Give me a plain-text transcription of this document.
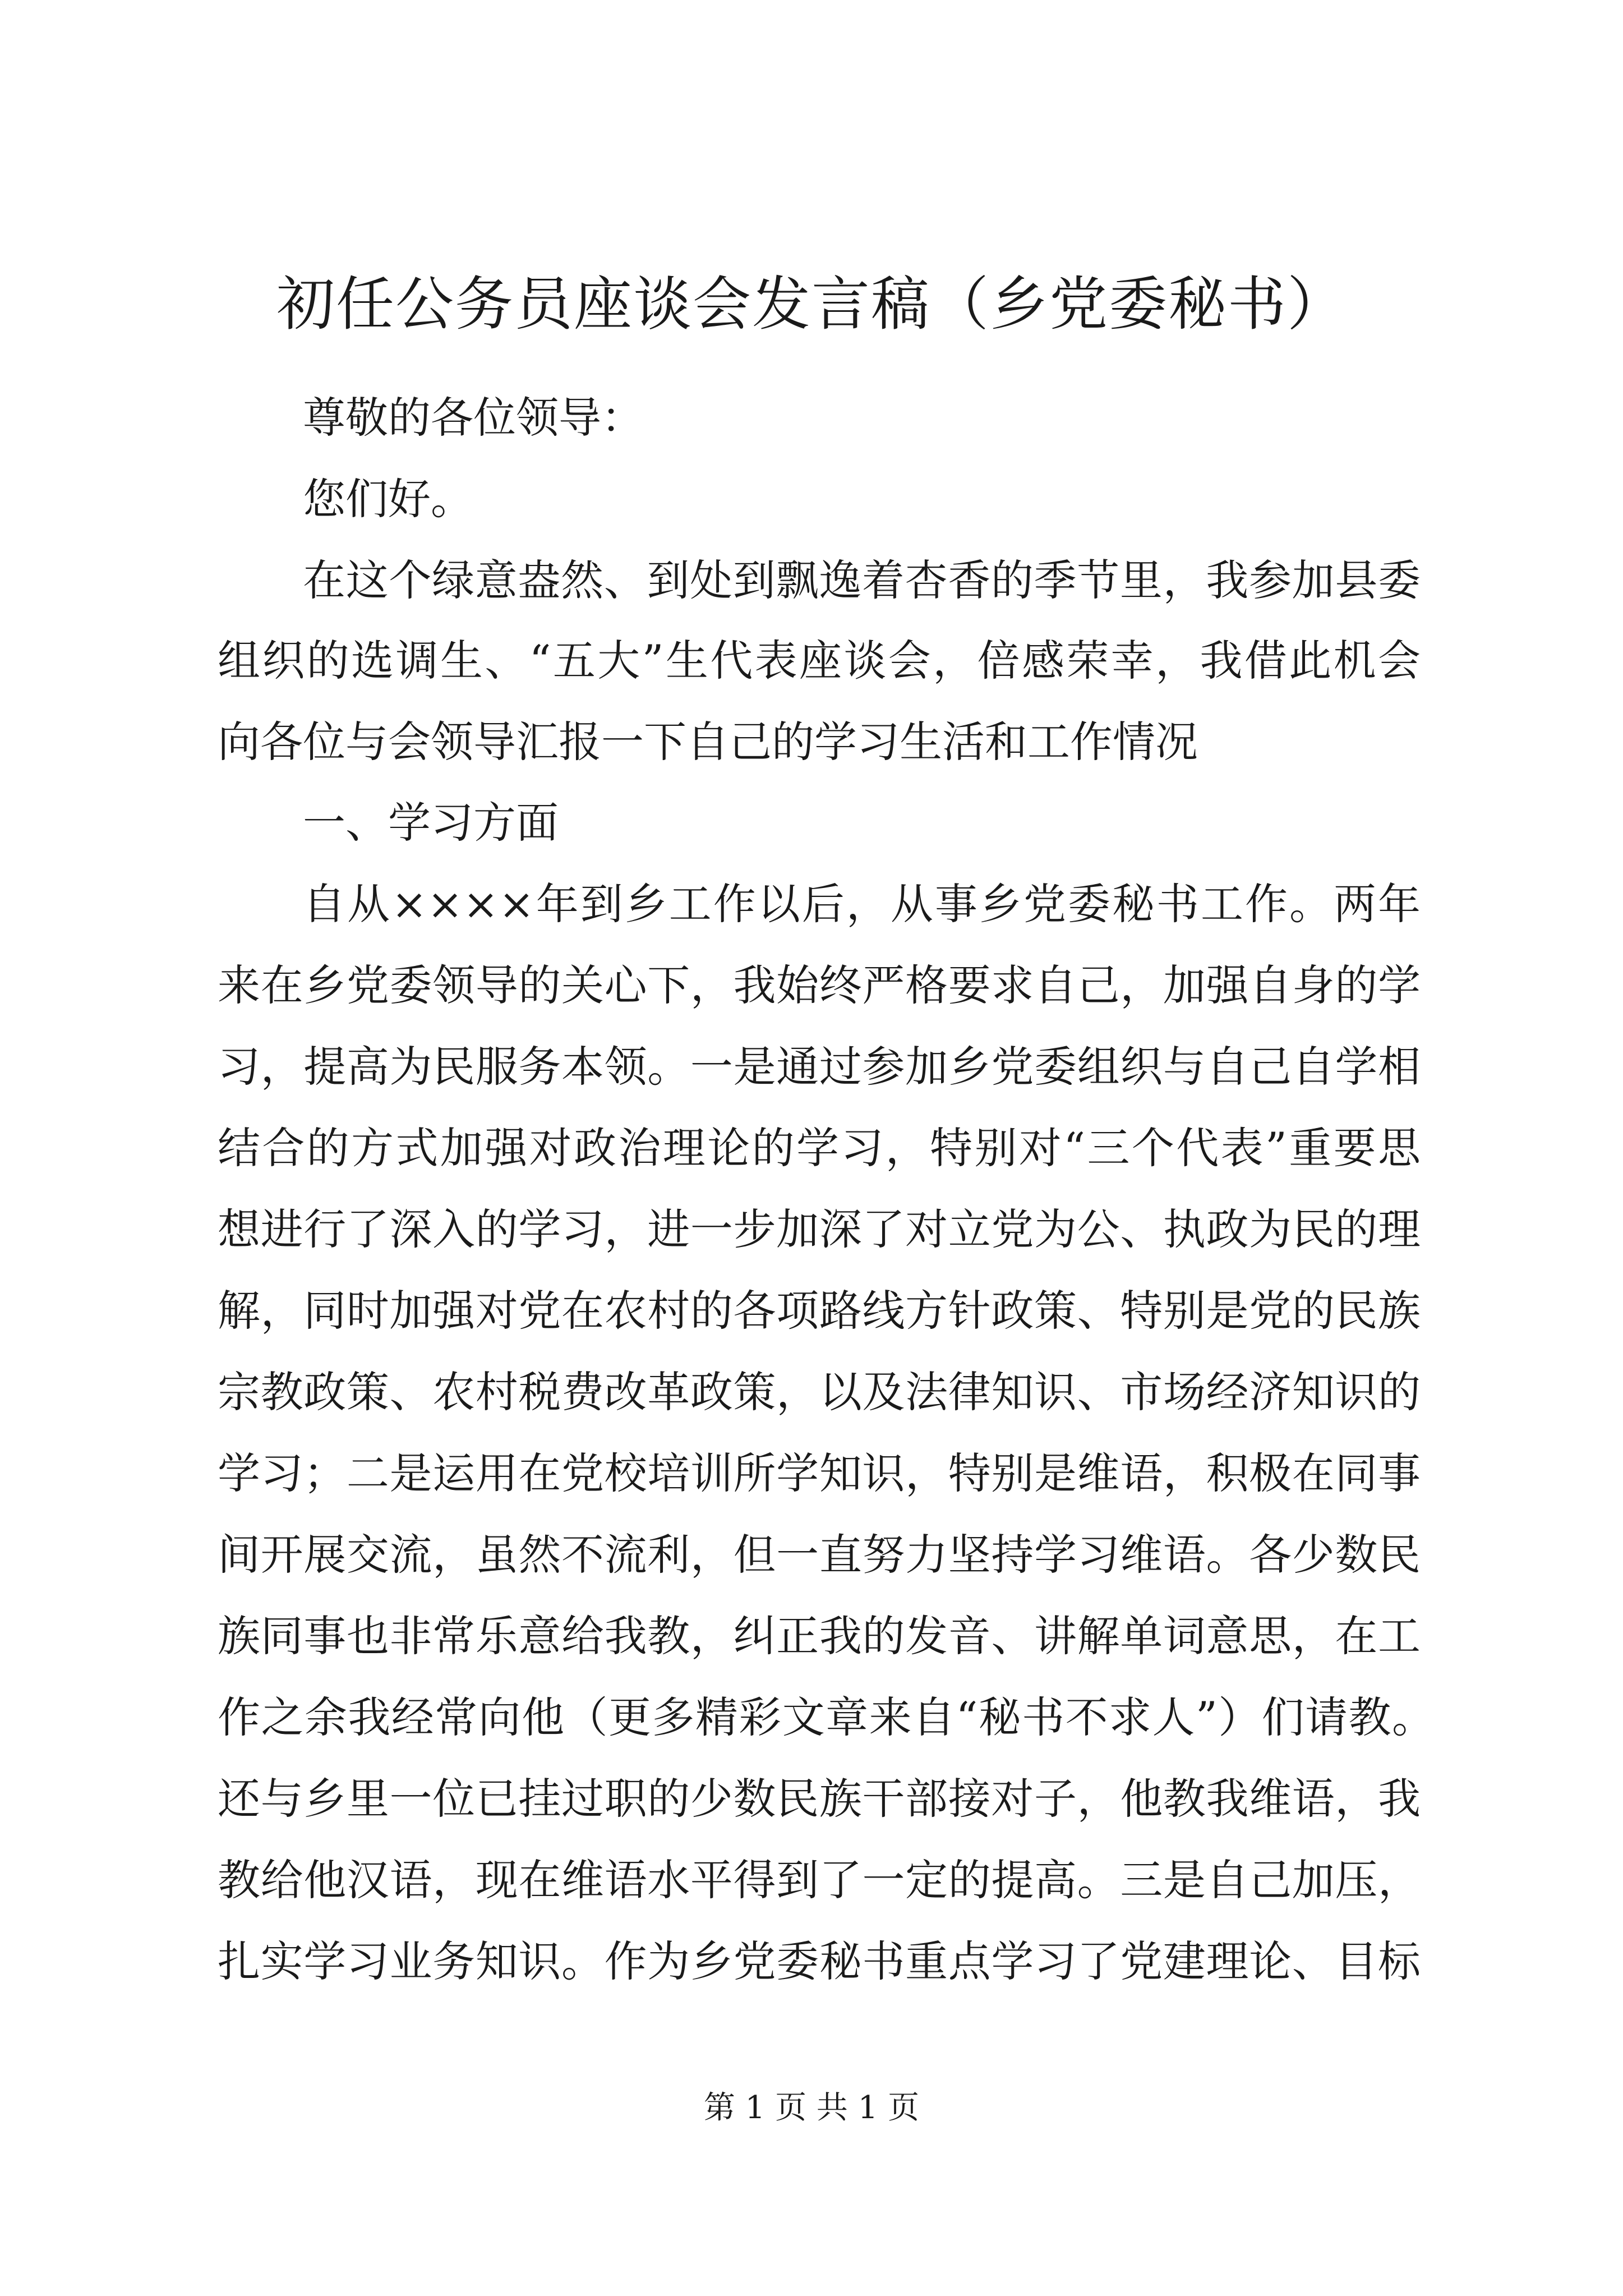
初任公务员座谈会发言稿（乡党委秘书）
尊敬的各位领导：
您们好。
在这个绿意盎然、到处到飘逸着杏香的季节里，我参加县委
组织的选调生、“五大”生代表座谈会，倍感荣幸，我借此机会
向各位与会领导汇报一下自己的学习生活和工作情况
一、学习方面
自从××××年到乡工作以后，从事乡党委秘书工作。两年
来在乡党委领导的关心下，我始终严格要求自己，加强自身的学
习，提高为民服务本领。一是通过参加乡党委组织与自己自学相
结合的方式加强对政治理论的学习，特别对“三个代表”重要思
想进行了深入的学习，进一步加深了对立党为公、执政为民的理
解，同时加强对党在农村的各项路线方针政策、特别是党的民族
宗教政策、农村税费改革政策，以及法律知识、市场经济知识的
学习；二是运用在党校培训所学知识，特别是维语，积极在同事
间开展交流，虽然不流利，但一直努力坚持学习维语。各少数民
族同事也非常乐意给我教，纠正我的发音、讲解单词意思，在工
作之余我经常向他（更多精彩文章来自“秘书不求人”）们请教。
还与乡里一位已挂过职的少数民族干部接对子，他教我维语，我
教给他汉语，现在维语水平得到了一定的提高。三是自己加压，
扎实学习业务知识。作为乡党委秘书重点学习了党建理论、目标
第 1 页 共 1 页
